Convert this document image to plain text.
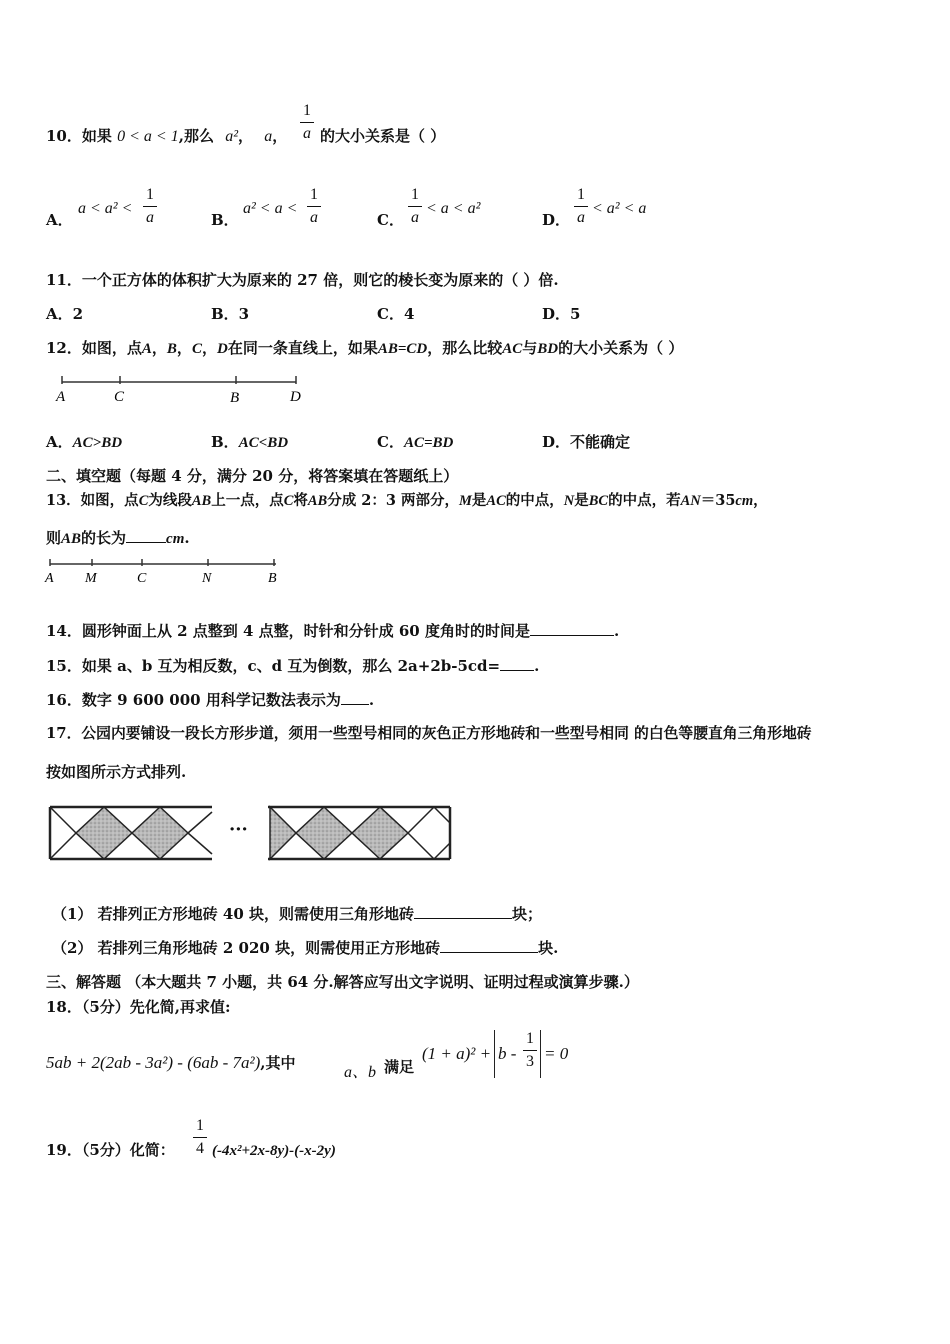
10．如果 0 < a < 1,那么 a²， a，
1
a 的大小关系是（ ）
A．
a < a² <
1
a	B．
a² < a <
1
a	C．
1
a
< a < a²
D．
1
a
< a² < a
11．一个正方体的体积扩大为原来的 27 倍，则它的棱长变为原来的（ ）倍.
A．2	B．3	C．4	D．5
12．如图，点A，B，C，D在同一条直线上，如果AB=CD，那么比较AC与BD的大小关系为（ ）
A	C	B	D
A．AC>BD	B．AC<BD	C．AC=BD	D．不能确定
二、填空题（每题 4 分，满分 20 分，将答案填在答题纸上）
13．如图，点C为线段AB上一点，点C将AB分成 2：3 两部分，M是AC的中点，N是BC的中点，若AN＝35cm，
则AB的长为	cm.
A M	C	N	B
14．圆形钟面上从 2 点整到 4 点整，时针和分针成 60 度角时的时间是	.
15．如果 a、b 互为相反数，c、d 互为倒数，那么 2a+2b-5cd= .
16．数字 9 600 000 用科学记数法表示为 .
17．公园内要铺设一段长方形步道，须用一些型号相同的灰色正方形地砖和一些型号相同 的白色等腰直角三角形地砖
按如图所示方式排列.
···
（1） 若排列正方形地砖 40 块，则需使用三角形地砖	块；
（2） 若排列三角形地砖 2 020 块，则需使用正方形地砖	块.
三、解答题 （本大题共 7 小题，共 64 分.解答应写出文字说明、证明过程或演算步骤.）
18．（5分）先化简,再求值:
5ab + 2(2ab - 3a²) - (6ab - 7a²),其中
a、b 满足
(1 + a)² + b -
1
3 = 0
1
4
19．（5分）化简： (-4x²+2x-8y)-(-x-2y)
